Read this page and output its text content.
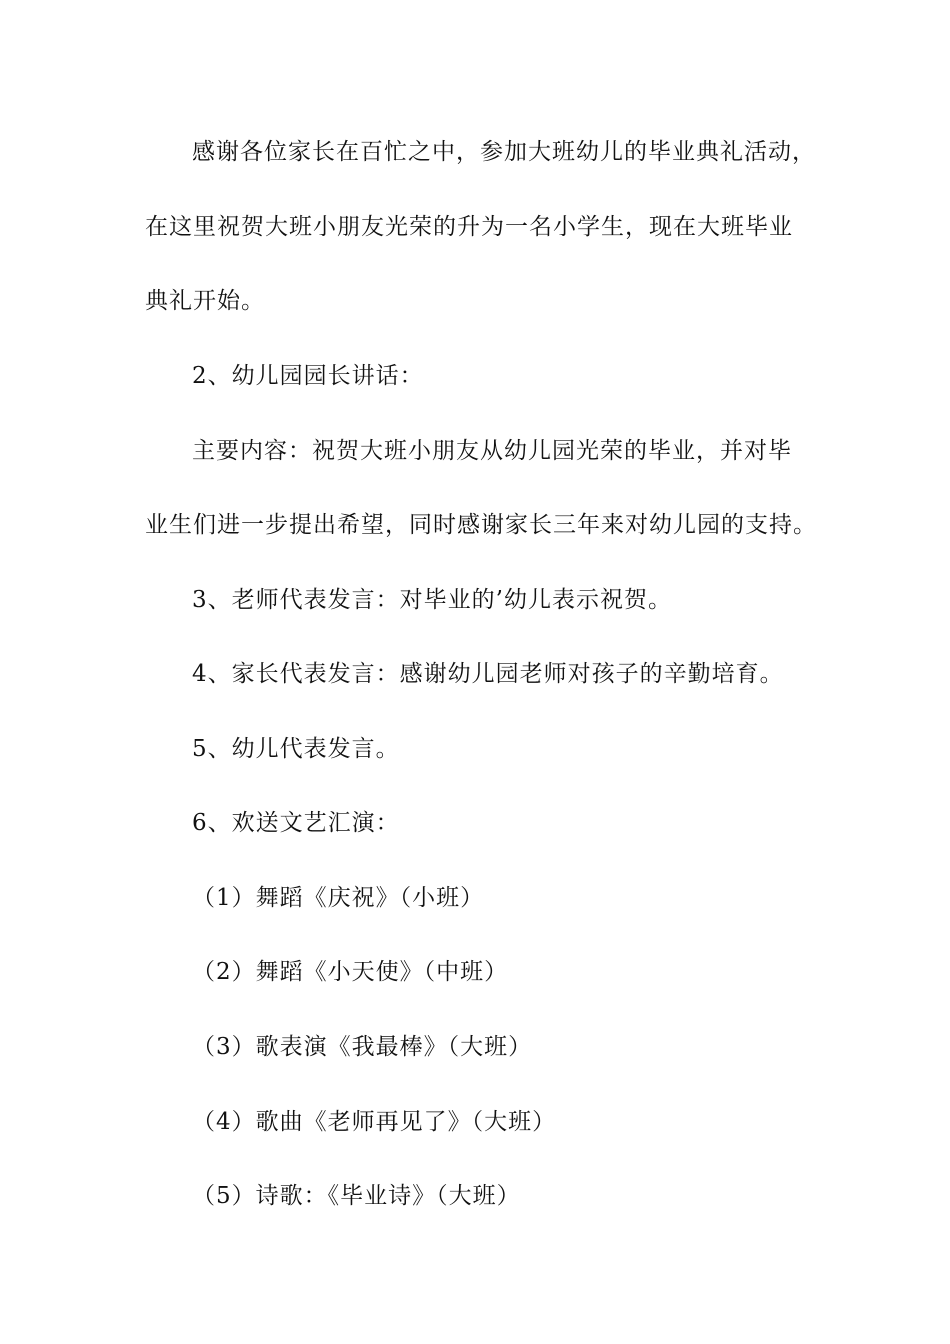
感谢各位家长在百忙之中，参加大班幼儿的毕业典礼活动，
在这里祝贺大班小朋友光荣的升为一名小学生，现在大班毕业
典礼开始。
2、幼儿园园长讲话：
主要内容：祝贺大班小朋友从幼儿园光荣的毕业，并对毕
业生们进一步提出希望，同时感谢家长三年来对幼儿园的支持。
3、老师代表发言：对毕业的’幼儿表示祝贺。
4、家长代表发言：感谢幼儿园老师对孩子的辛勤培育。
5、幼儿代表发言。
6、欢送文艺汇演：
（1）舞蹈《庆祝》（小班）
（2）舞蹈《小天使》（中班）
（3）歌表演《我最棒》（大班）
（4）歌曲《老师再见了》（大班）
（5）诗歌：《毕业诗》（大班）
